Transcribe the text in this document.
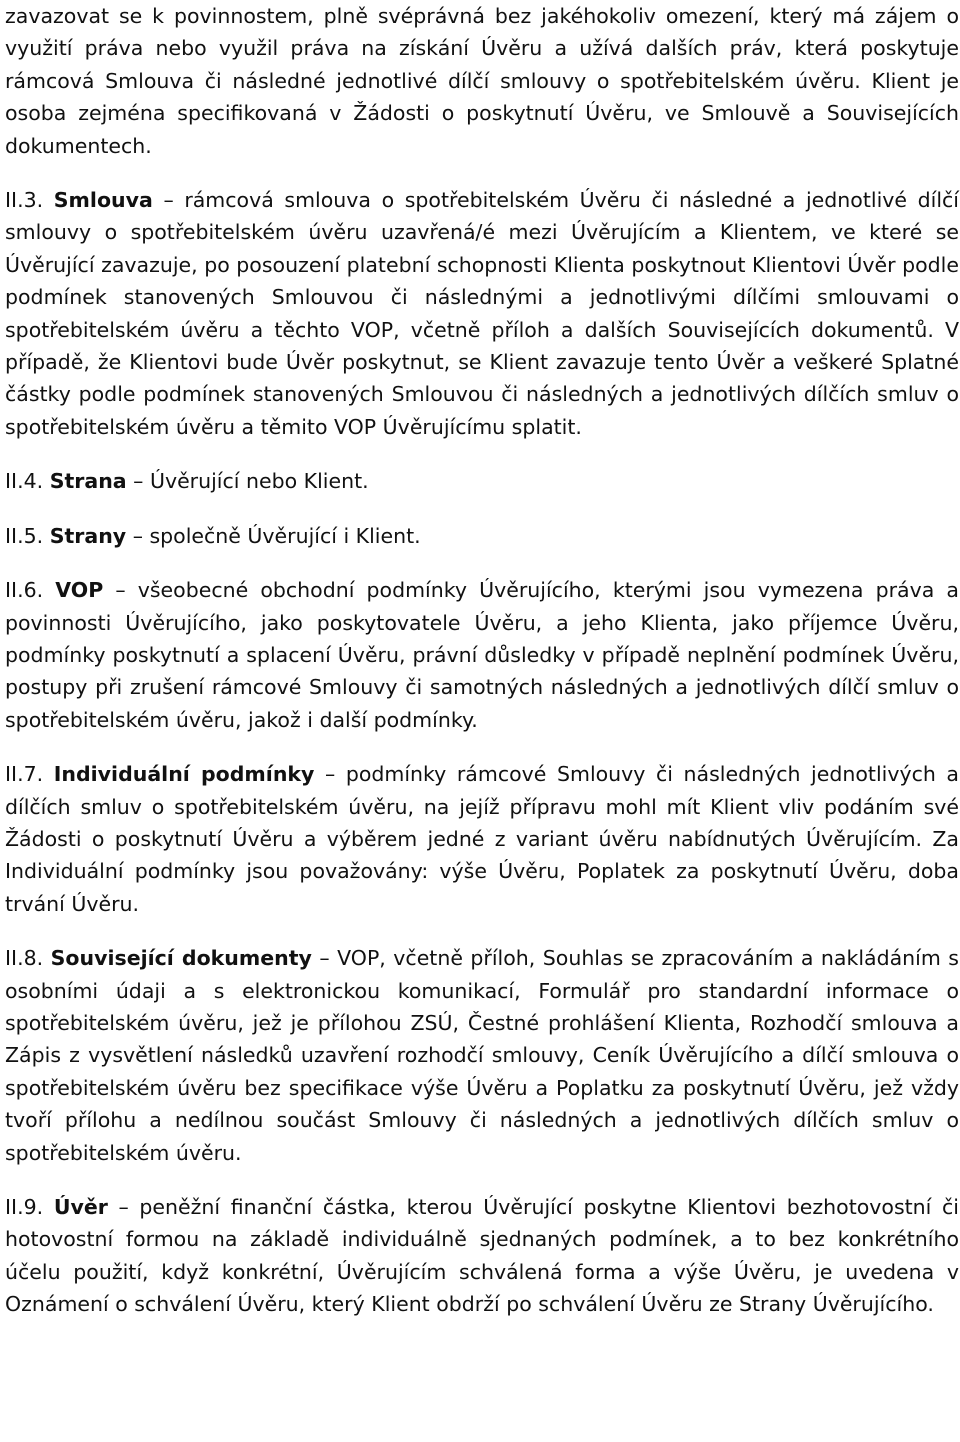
zavazovat se k povinnostem, plně svéprávná bez jakéhokoliv omezení, který má zájem o využití práva nebo využil práva na získání Úvěru a užívá dalších práv, která poskytuje rámcová Smlouva či následné jednotlivé dílčí smlouvy o spotřebitelském úvěru. Klient je osoba zejména specifikovaná v Žádosti o poskytnutí Úvěru, ve Smlouvě a Souvisejících dokumentech.

II.3. Smlouva – rámcová smlouva o spotřebitelském Úvěru či následné a jednotlivé dílčí smlouvy o spotřebitelském úvěru uzavřená/é mezi Úvěrujícím a Klientem, ve které se Úvěrující zavazuje, po posouzení platební schopnosti Klienta poskytnout Klientovi Úvěr podle podmínek stanovených Smlouvou či následnými a jednotlivými dílčími smlouvami o spotřebitelském úvěru a těchto VOP, včetně příloh a dalších Souvisejících dokumentů. V případě, že Klientovi bude Úvěr poskytnut, se Klient zavazuje tento Úvěr a veškeré Splatné částky podle podmínek stanovených Smlouvou či následných a jednotlivých dílčích smluv o spotřebitelském úvěru a těmito VOP Úvěrujícímu splatit.

II.4. Strana – Úvěrující nebo Klient.

II.5. Strany – společně Úvěrující i Klient.

II.6. VOP – všeobecné obchodní podmínky Úvěrujícího, kterými jsou vymezena práva a povinnosti Úvěrujícího, jako poskytovatele Úvěru, a jeho Klienta, jako příjemce Úvěru, podmínky poskytnutí a splacení Úvěru, právní důsledky v případě neplnění podmínek Úvěru, postupy při zrušení rámcové Smlouvy či samotných následných a jednotlivých dílčí smluv o spotřebitelském úvěru, jakož i další podmínky.

II.7. Individuální podmínky – podmínky rámcové Smlouvy či následných jednotlivých a dílčích smluv o spotřebitelském úvěru, na jejíž přípravu mohl mít Klient vliv podáním své Žádosti o poskytnutí Úvěru a výběrem jedné z variant úvěru nabídnutých Úvěrujícím. Za Individuální podmínky jsou považovány: výše Úvěru, Poplatek za poskytnutí Úvěru, doba trvání Úvěru.

II.8. Související dokumenty – VOP, včetně příloh, Souhlas se zpracováním a nakládáním s osobními údaji a s elektronickou komunikací, Formulář pro standardní informace o spotřebitelském úvěru, jež je přílohou ZSÚ, Čestné prohlášení Klienta, Rozhodčí smlouva a Zápis z vysvětlení následků uzavření rozhodčí smlouvy, Ceník Úvěrujícího a dílčí smlouva o spotřebitelském úvěru bez specifikace výše Úvěru a Poplatku za poskytnutí Úvěru, jež vždy tvoří přílohu a nedílnou součást Smlouvy či následných a jednotlivých dílčích smluv o spotřebitelském úvěru.

II.9. Úvěr – peněžní finanční částka, kterou Úvěrující poskytne Klientovi bezhotovostní či hotovostní formou na základě individuálně sjednaných podmínek, a to bez konkrétního účelu použití, když konkrétní, Úvěrujícím schválená forma a výše Úvěru, je uvedena v Oznámení o schválení Úvěru, který Klient obdrží po schválení Úvěru ze Strany Úvěrujícího.
